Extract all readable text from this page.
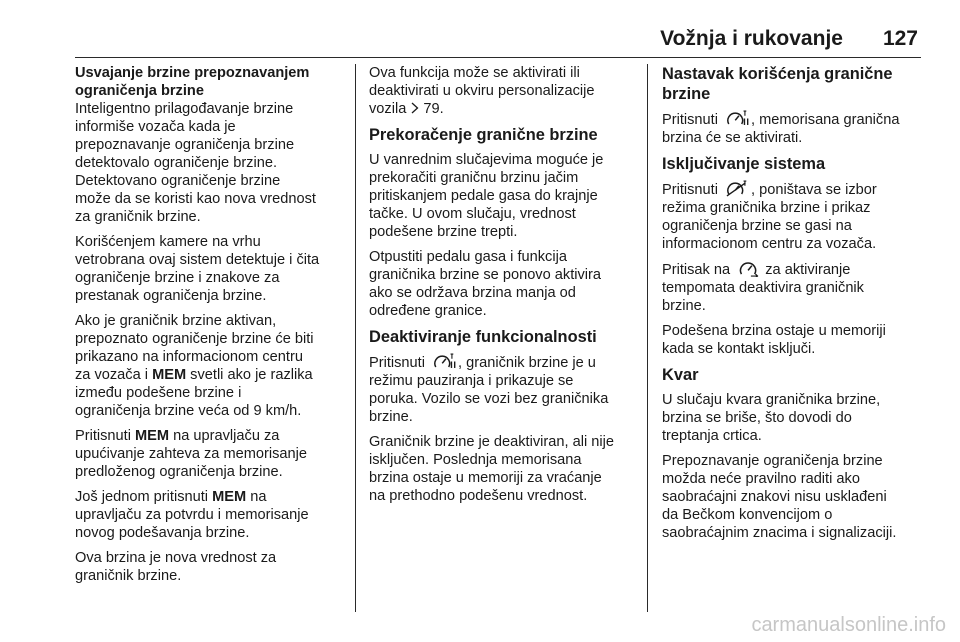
Vožnja i rukovanje 127
Usvajanje brzine prepoznavanjem
ograničenja brzine

Inteligentno prilagođavanje brzine
informiše vozača kada je
prepoznavanje ograničenja brzine
detektovalo ograničenje brzine.
Detektovano ograničenje brzine
može da se koristi kao nova vrednost
za graničnik brzine.

Korišćenjem kamere na vrhu
vetrobrana ovaj sistem detektuje i čita
ograničenje brzine i znakove za
prestanak ograničenja brzine.

Ako je graničnik brzine aktivan,
prepoznato ograničenje brzine će biti
prikazano na informacionom centru
za vozača i MEM svetli ako je razlika
između podešene brzine i
ograničenja brzine veća od 9 km/h.

Pritisnuti MEM na upravljaču za
upućivanje zahteva za memorisanje
predloženog ograničenja brzine.

Još jednom pritisnuti MEM na
upravljaču za potvrdu i memorisanje
novog podešavanja brzine.

Ova brzina je nova vrednost za
graničnik brzine.

Ova funkcija može se aktivirati ili
deaktivirati u okviru personalizacije
vozila
79.

Prekoračenje granične brzine

U vanrednim slučajevima moguće je
prekoračiti graničnu brzinu jačim
pritiskanjem pedale gasa do krajnje
tačke. U ovom slučaju, vrednost
podešene brzine trepti.

Otpustiti pedalu gasa i funkcija
graničnika brzine se ponovo aktivira
ako se održava brzina manja od
određene granice.

Deaktiviranje funkcionalnosti

Pritisnuti
, graničnik brzine je u
režimu pauziranja i prikazuje se
poruka. Vozilo se vozi bez graničnika
brzine.

Graničnik brzine je deaktiviran, ali nije
isključen. Poslednja memorisana
brzina ostaje u memoriji za vraćanje
na prethodno podešenu vrednost.

Nastavak korišćenja granične
brzine

Pritisnuti
, memorisana granična
brzina će se aktivirati.

Isključivanje sistema

Pritisnuti
, poništava se izbor
režima graničnika brzine i prikaz
ograničenja brzine se gasi na
informacionom centru za vozača.

Pritisak na
za aktiviranje
tempomata deaktivira graničnik
brzine.

Podešena brzina ostaje u memoriji
kada se kontakt isključi.

Kvar

U slučaju kvara graničnika brzine,
brzina se briše, što dovodi do
treptanja crtica.

Prepoznavanje ograničenja brzine
možda neće pravilno raditi ako
saobraćajni znakovi nisu usklađeni
da Bečkom konvencijom o
saobraćajnim znacima i signalizaciji.

carmanualsonline.info
